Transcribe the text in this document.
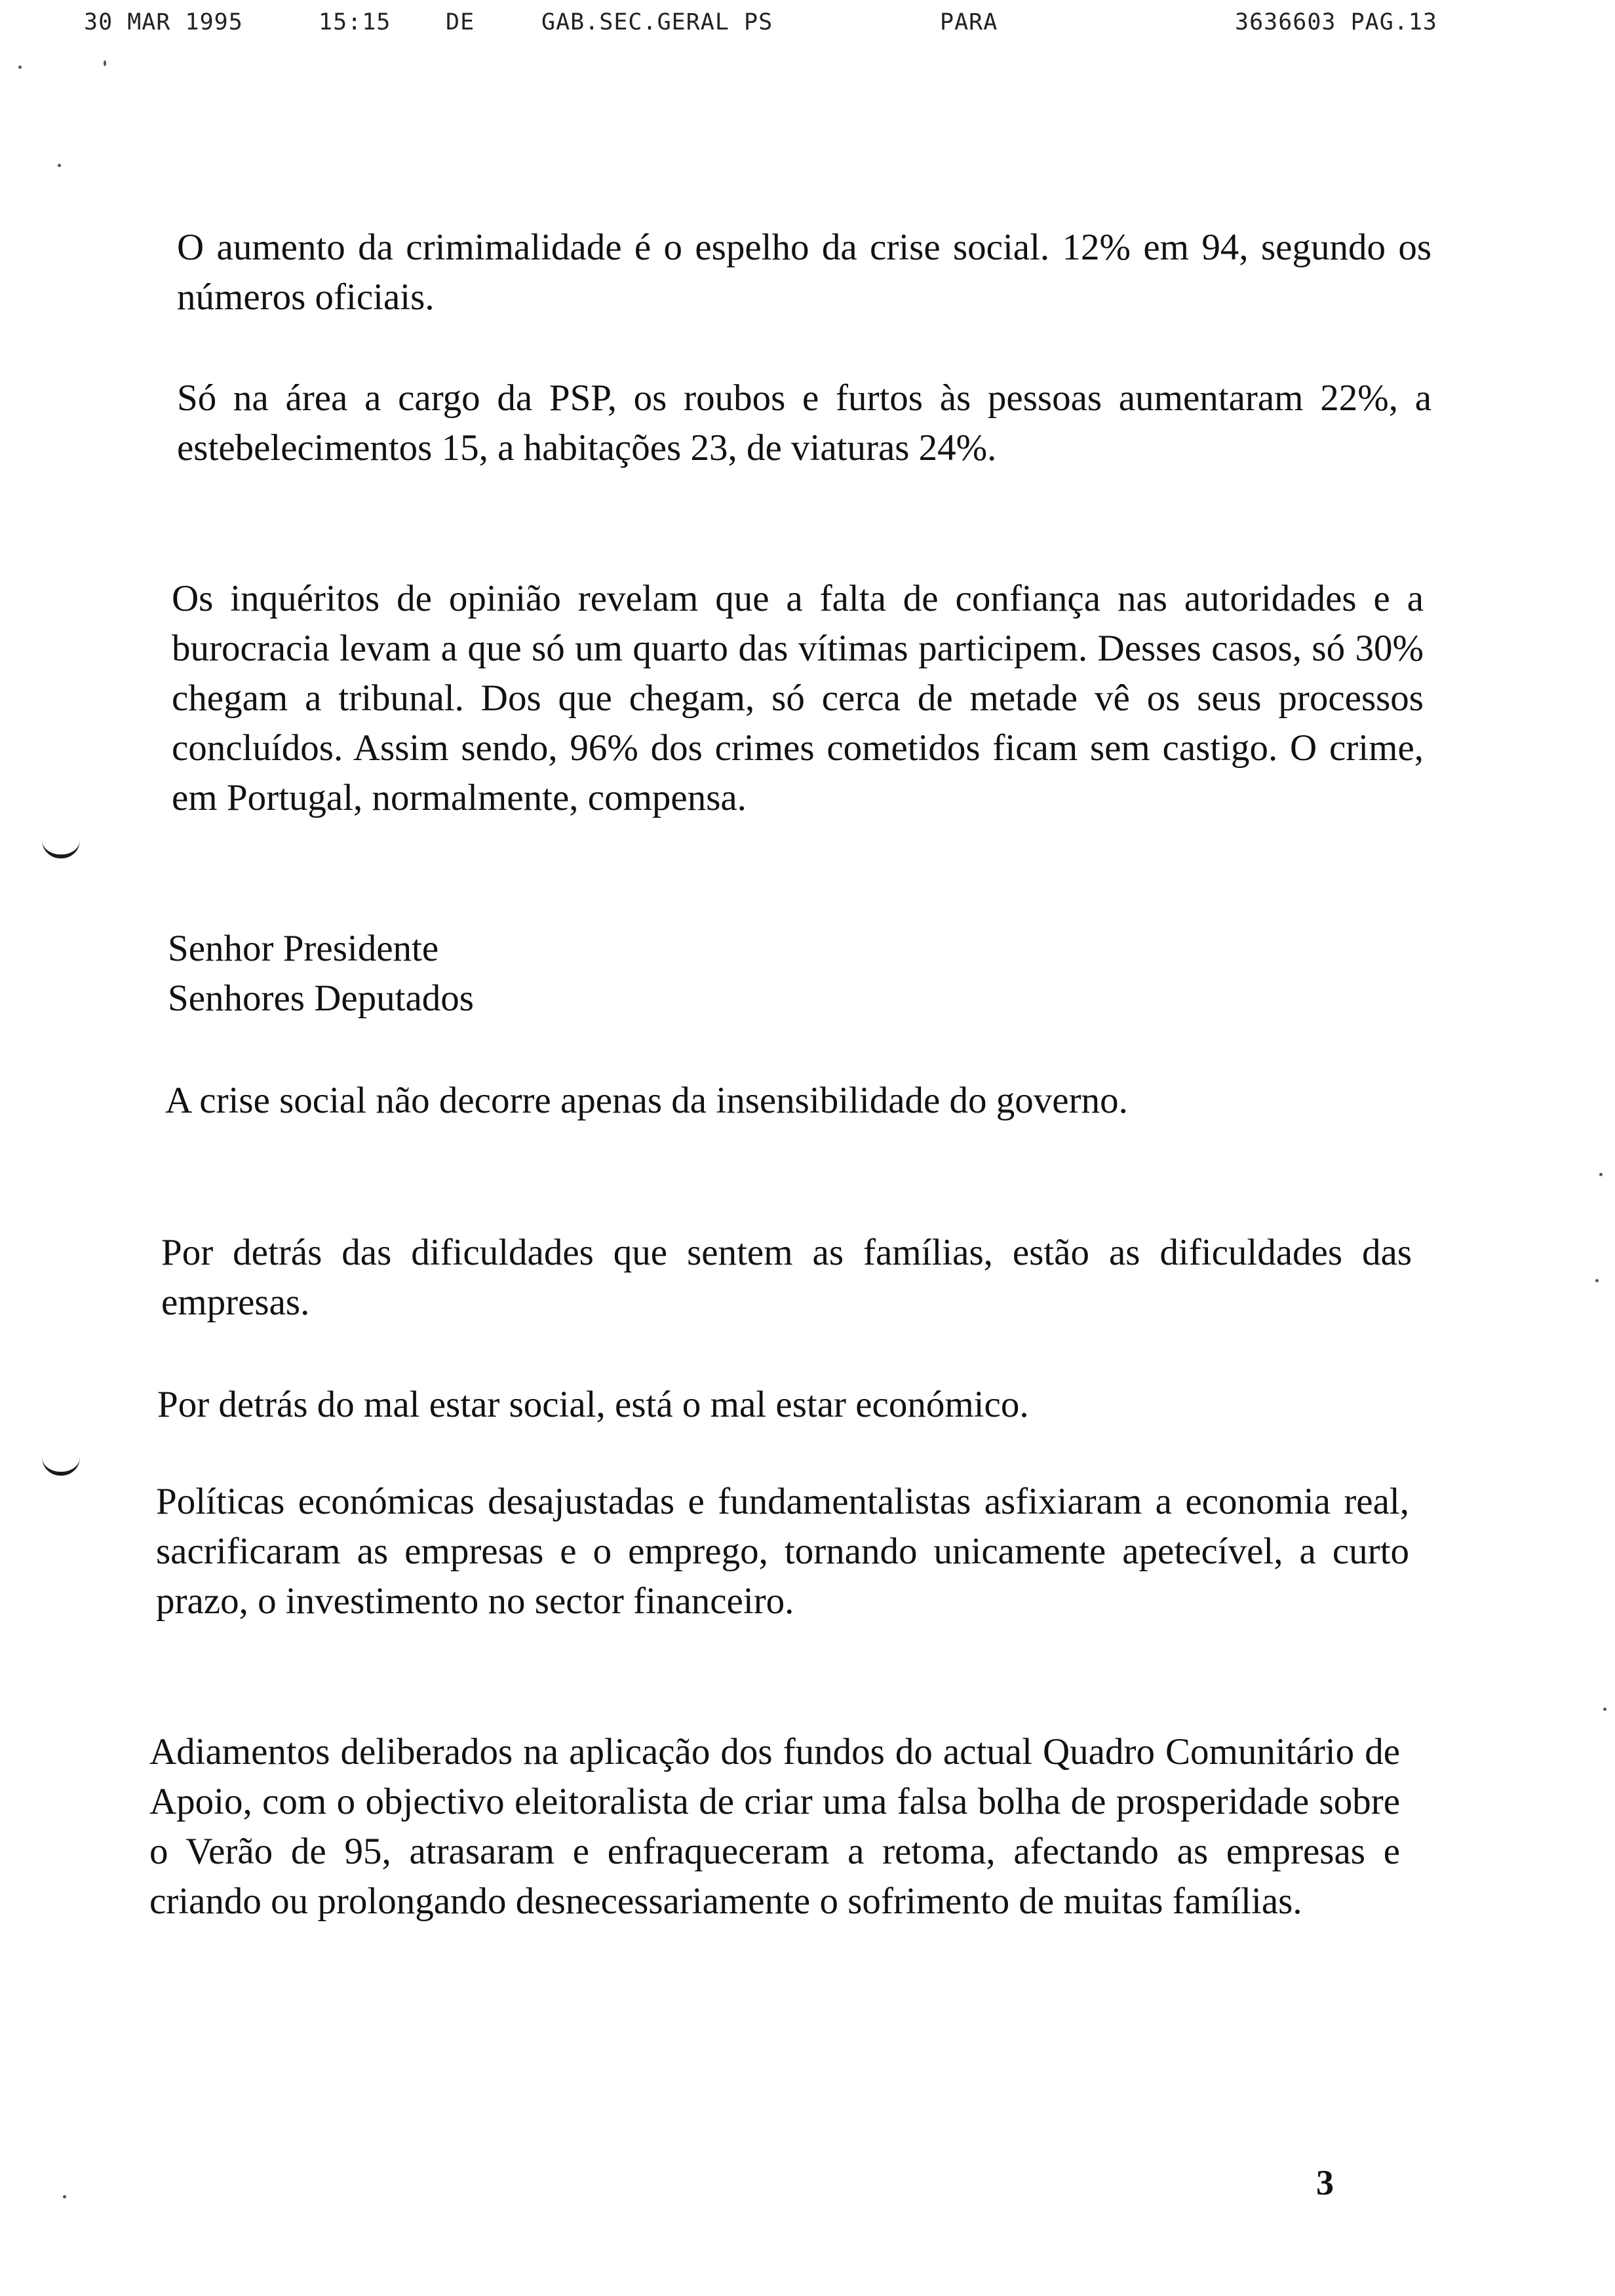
30 MAR 1995	15:15 DE	GAB.SEC.GERAL PS	PARA	3636603 PAG.13

O aumento da crimimalidade é o espelho da crise social. 12% em 94, segundo os números oficiais.

Só na área a cargo da PSP, os roubos e furtos às pessoas aumentaram 22%, a estebelecimentos 15, a habitações 23, de viaturas 24%.

Os inquéritos de opinião revelam que a falta de confiança nas autoridades e a burocracia levam a que só um quarto das vítimas participem. Desses casos, só 30% chegam a tribunal. Dos que chegam, só cerca de metade vê os seus processos concluídos. Assim sendo, 96% dos crimes cometidos ficam sem castigo. O crime, em Portugal, normalmente, compensa.

Senhor Presidente
Senhores Deputados

A crise social não decorre apenas da insensibilidade do governo.

Por detrás das dificuldades que sentem as famílias, estão as dificuldades das empresas.

Por detrás do mal estar social, está o mal estar económico.

Políticas económicas desajustadas e fundamentalistas asfixiaram a economia real, sacrificaram as empresas e o emprego, tornando unicamente apetecível, a curto prazo, o investimento no sector financeiro.

Adiamentos deliberados na aplicação dos fundos do actual Quadro Comunitário de Apoio, com o objectivo eleitoralista de criar uma falsa bolha de prosperidade sobre o Verão de 95, atrasaram e enfraqueceram a retoma, afectando as empresas e criando ou prolongando desnecessariamente o sofrimento de muitas famílias.

3
